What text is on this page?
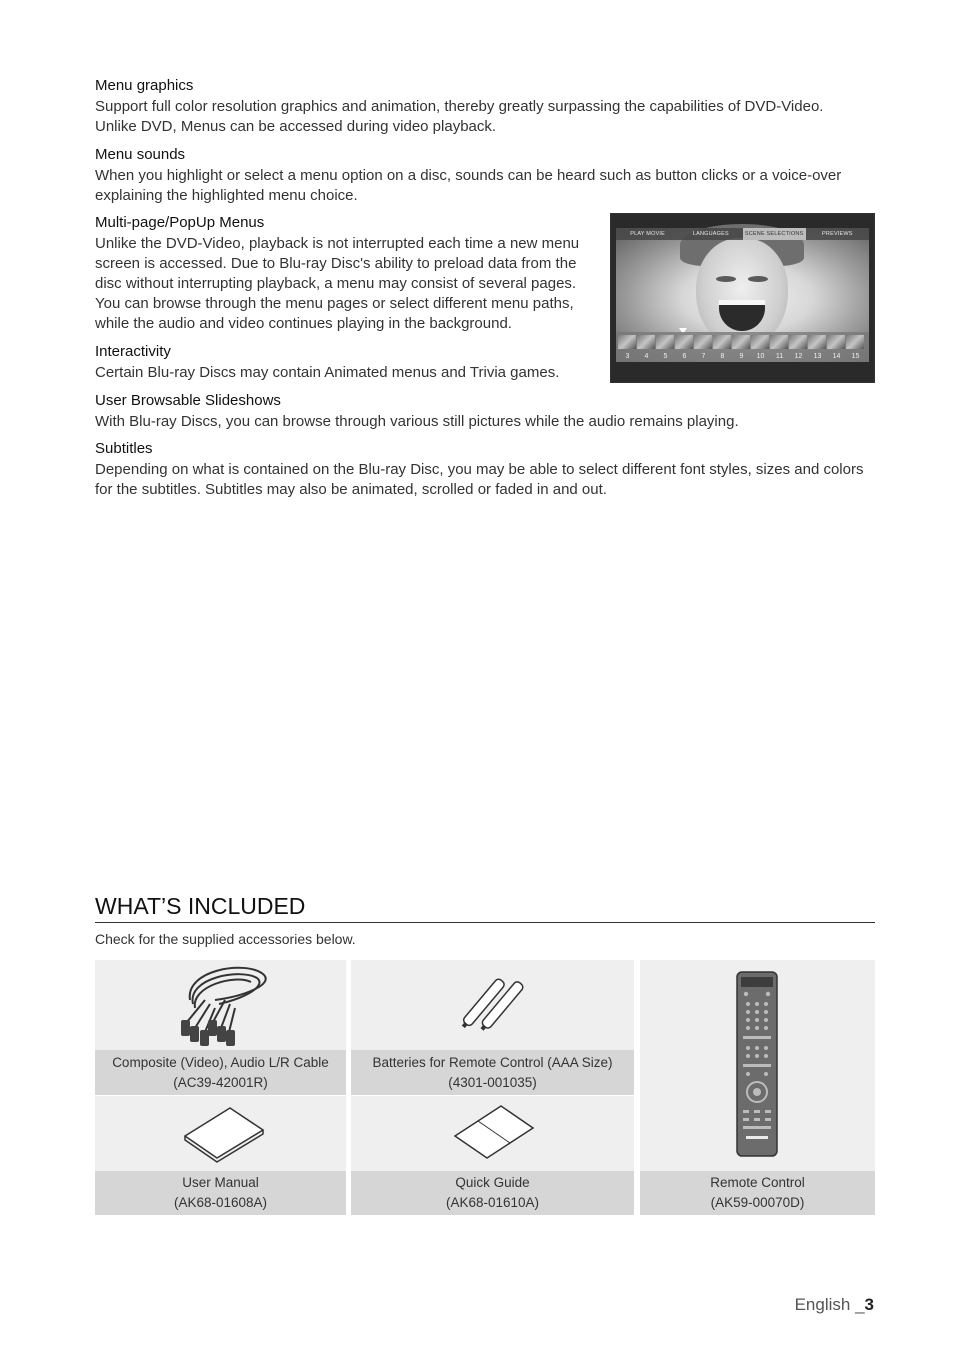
Menu graphics
Support full color resolution graphics and animation, thereby greatly surpassing the capabilities of DVD-Video.
Unlike DVD, Menus can be accessed during video playback.
Menu sounds
When you highlight or select a menu option on a disc, sounds can be heard such as button clicks or a voice-over
explaining the highlighted menu choice.
Multi-page/PopUp Menus
Unlike the DVD-Video, playback is not interrupted each time a new menu
screen is accessed. Due to Blu-ray Disc's ability to preload data from the
disc without interrupting playback, a menu may consist of several pages.
You can browse through the menu pages or select different menu paths,
while the audio and video continues playing in the background.
Interactivity
Certain Blu-ray Discs may contain Animated menus and Trivia games.
User Browsable Slideshows
With Blu-ray Discs, you can browse through various still pictures while the audio remains playing.
Subtitles
Depending on what is contained on the Blu-ray Disc, you may be able to select different font styles, sizes and colors
for the subtitles. Subtitles may also be animated, scrolled or faded in and out.
PLAY MOVIE	LANGUAGES	SCENE SELECTIONS	PREVIEWS
3	4	5	6	7	8	9	10	11	12	13	14	15
WHAT’S INCLUDED
Check for the supplied accessories below.
Composite (Video), Audio L/R Cable
(AC39-42001R)
Batteries for Remote Control (AAA Size)
(4301-001035)
User Manual
(AK68-01608A)
Quick Guide
(AK68-01610A)
Remote Control
(AK59-00070D)
English _3
